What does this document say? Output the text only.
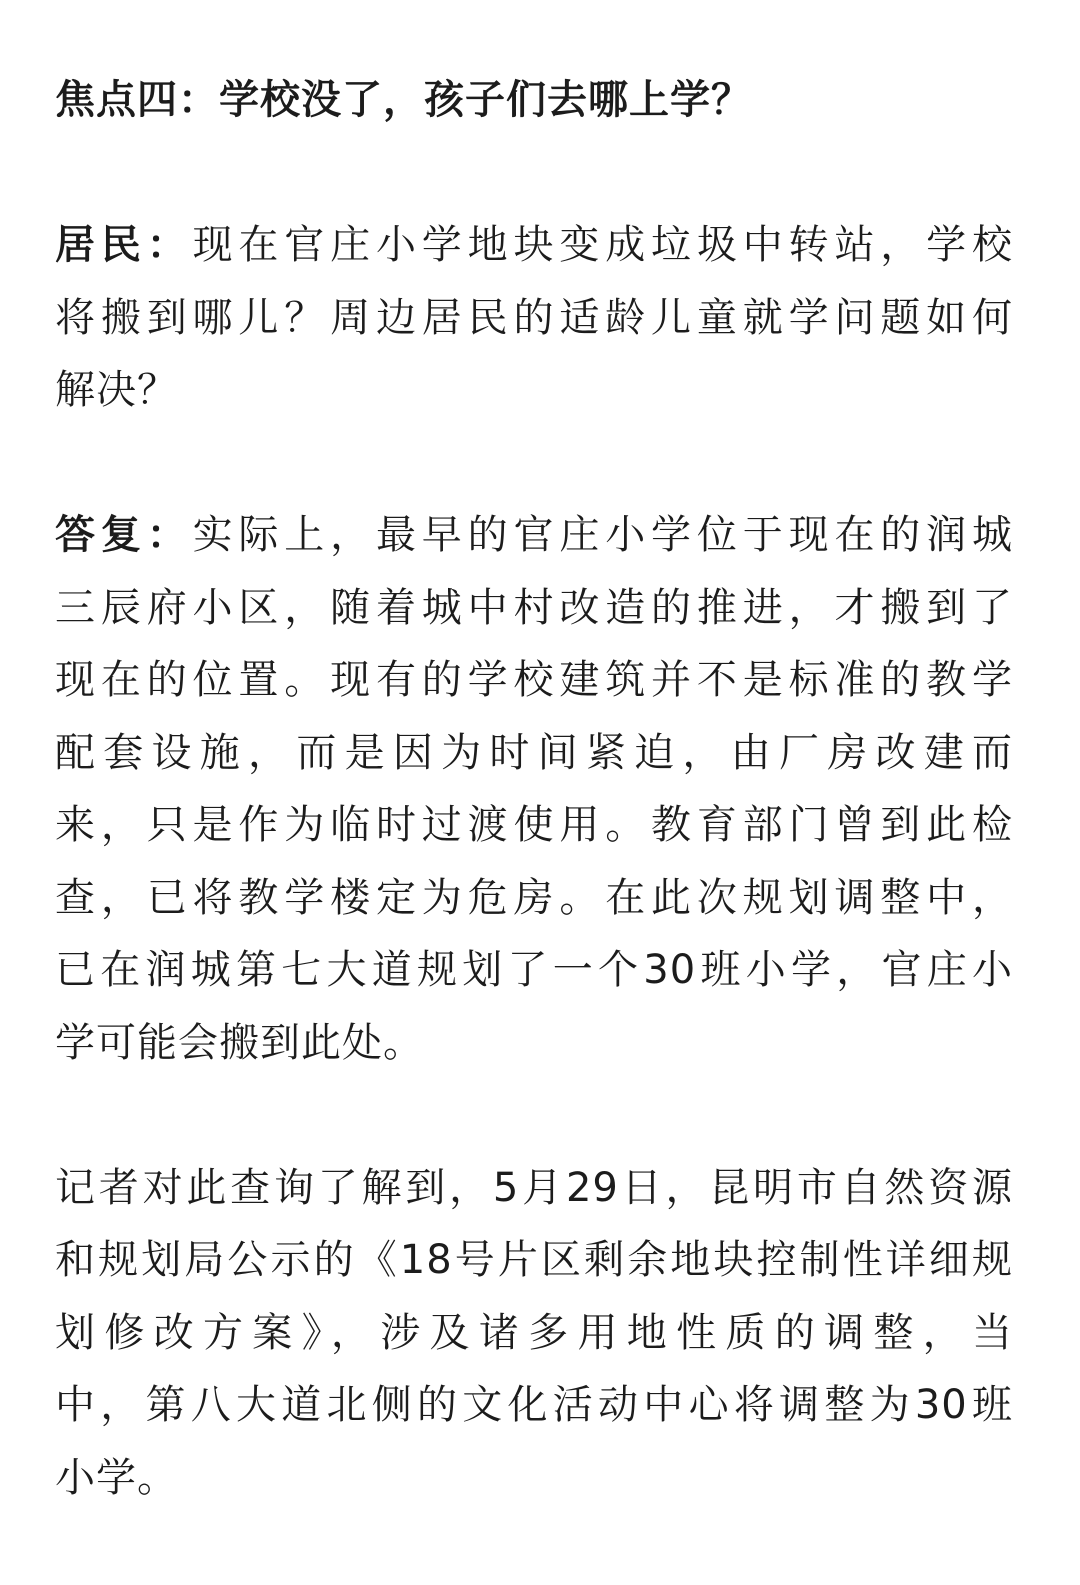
焦点四：学校没了，孩子们去哪上学？
居民：现在官庄小学地块变成垃圾中转站，学校
将搬到哪儿？周边居民的适龄儿童就学问题如何
解决？
答复：实际上，最早的官庄小学位于现在的润城
三辰府小区，随着城中村改造的推进，才搬到了
现在的位置。现有的学校建筑并不是标准的教学
配套设施，而是因为时间紧迫，由厂房改建而
来，只是作为临时过渡使用。教育部门曾到此检
查，已将教学楼定为危房。在此次规划调整中，
已在润城第七大道规划了一个30班小学，官庄小
学可能会搬到此处。
记者对此查询了解到，5月29日，昆明市自然资源
和规划局公示的《18号片区剩余地块控制性详细规
划修改方案》，涉及诸多用地性质的调整，当
中，第八大道北侧的文化活动中心将调整为30班
小学。
